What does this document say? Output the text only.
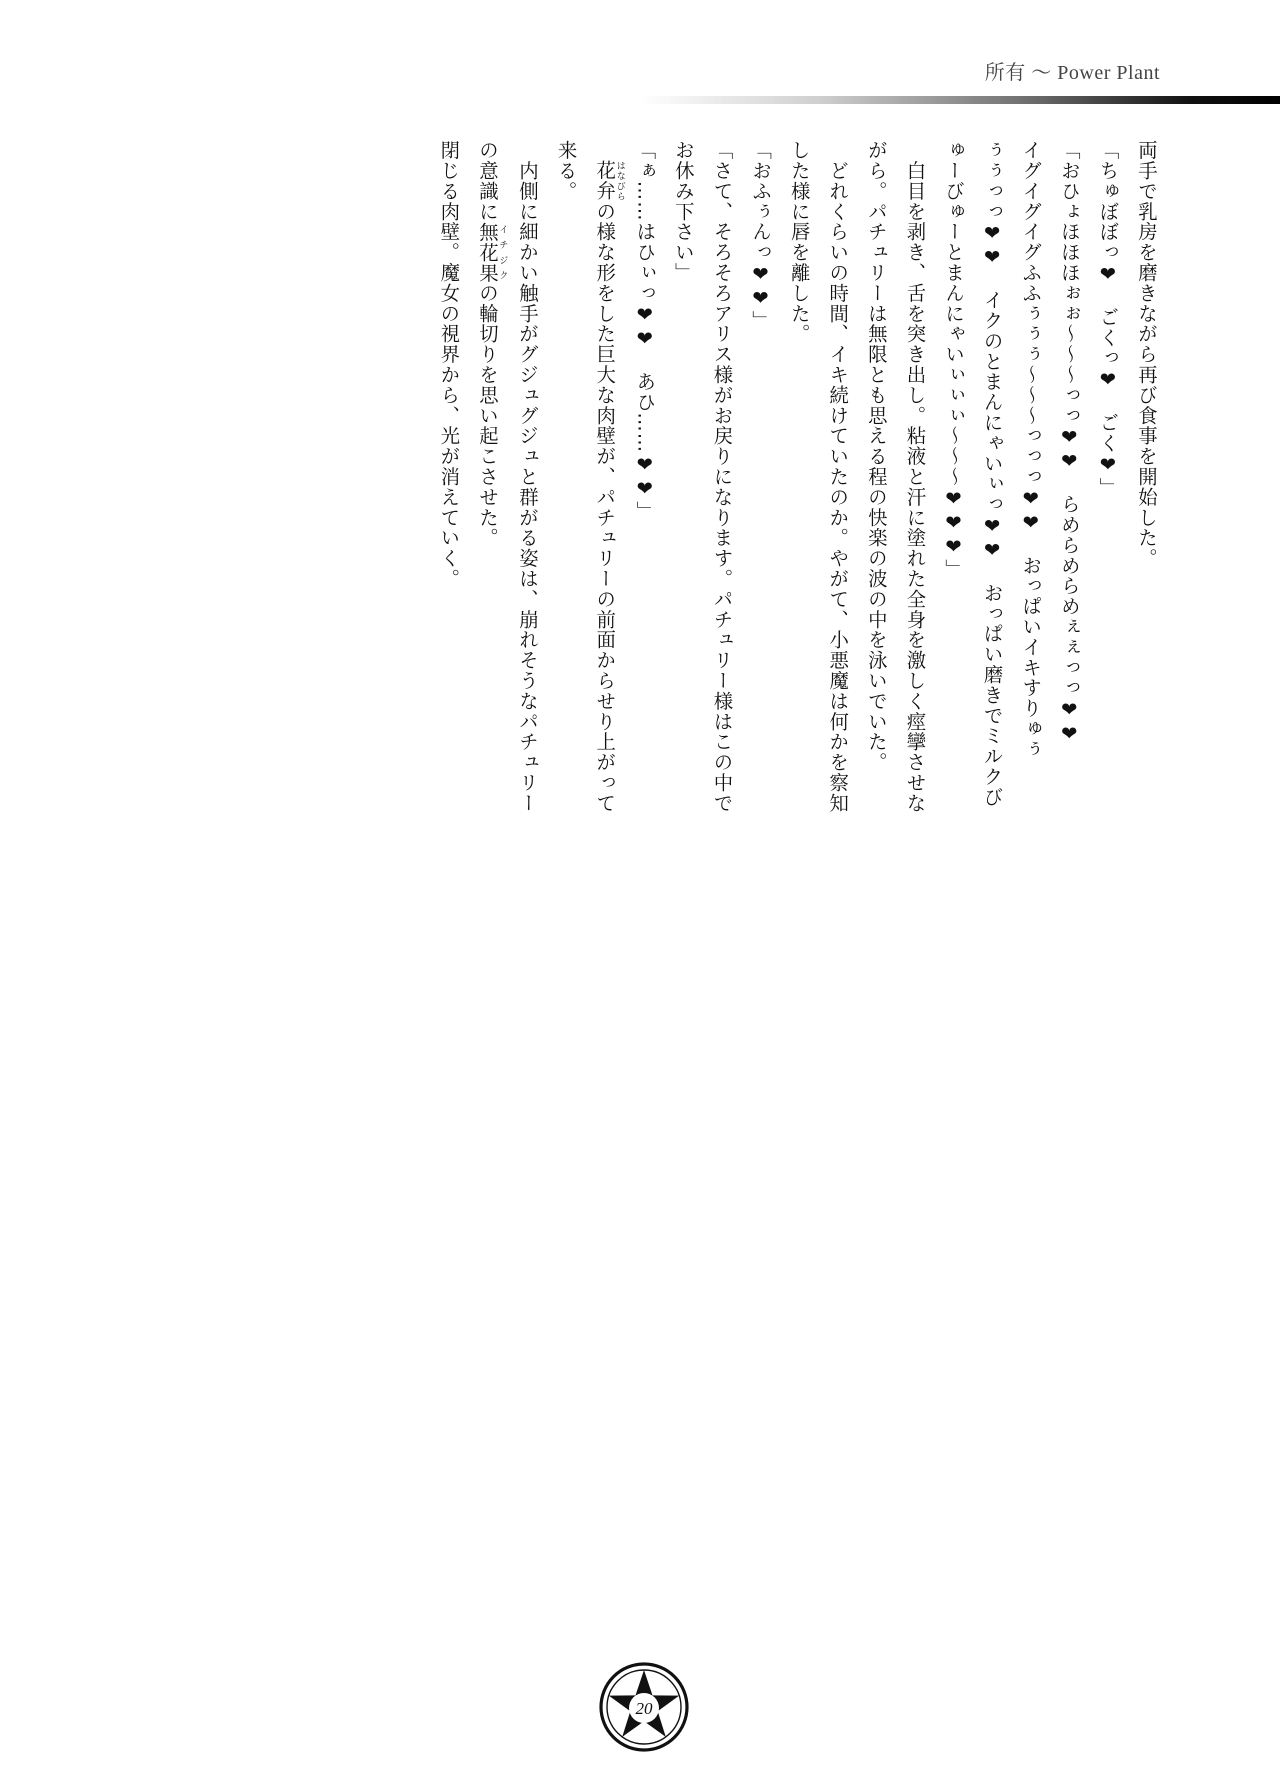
所有 〜 Power Plant
両手で乳房を磨きながら再び食事を開始した。
「ちゅぼぼっ❤　ごくっ❤　ごく❤」
「おひょほほほぉぉ〜〜〜っっ❤❤　らめらめらめぇぇっっ❤❤
イグイグイグふふぅぅぅ〜〜〜っっっ❤❤　おっぱいイキすりゅぅ
ぅぅっっ❤❤　イクのとまんにゃいぃっ❤❤　おっぱい磨きでミルクび
ゅーびゅーとまんにゃいぃぃぃ〜〜〜❤❤❤」
　白目を剥き、舌を突き出し。粘液と汗に塗れた全身を激しく痙攣させな
がら。パチュリーは無限とも思える程の快楽の波の中を泳いでいた。
　どれくらいの時間、イキ続けていたのか。やがて、小悪魔は何かを察知
した様に唇を離した。
「おふぅんっ❤❤」
「さて、そろそろアリス様がお戻りになります。パチュリー様はこの中で
お休み下さい」
「ぁ……はひぃっ❤❤　あひ……❤❤」
　花弁はなびらの様な形をした巨大な肉壁が、パチュリーの前面からせり上がって
来る。
　内側に細かい触手がグジュグジュと群がる姿は、崩れそうなパチュリー
の意識に無花果イチジクの輪切りを思い起こさせた。
閉じる肉壁。魔女の視界から、光が消えていく。
20
